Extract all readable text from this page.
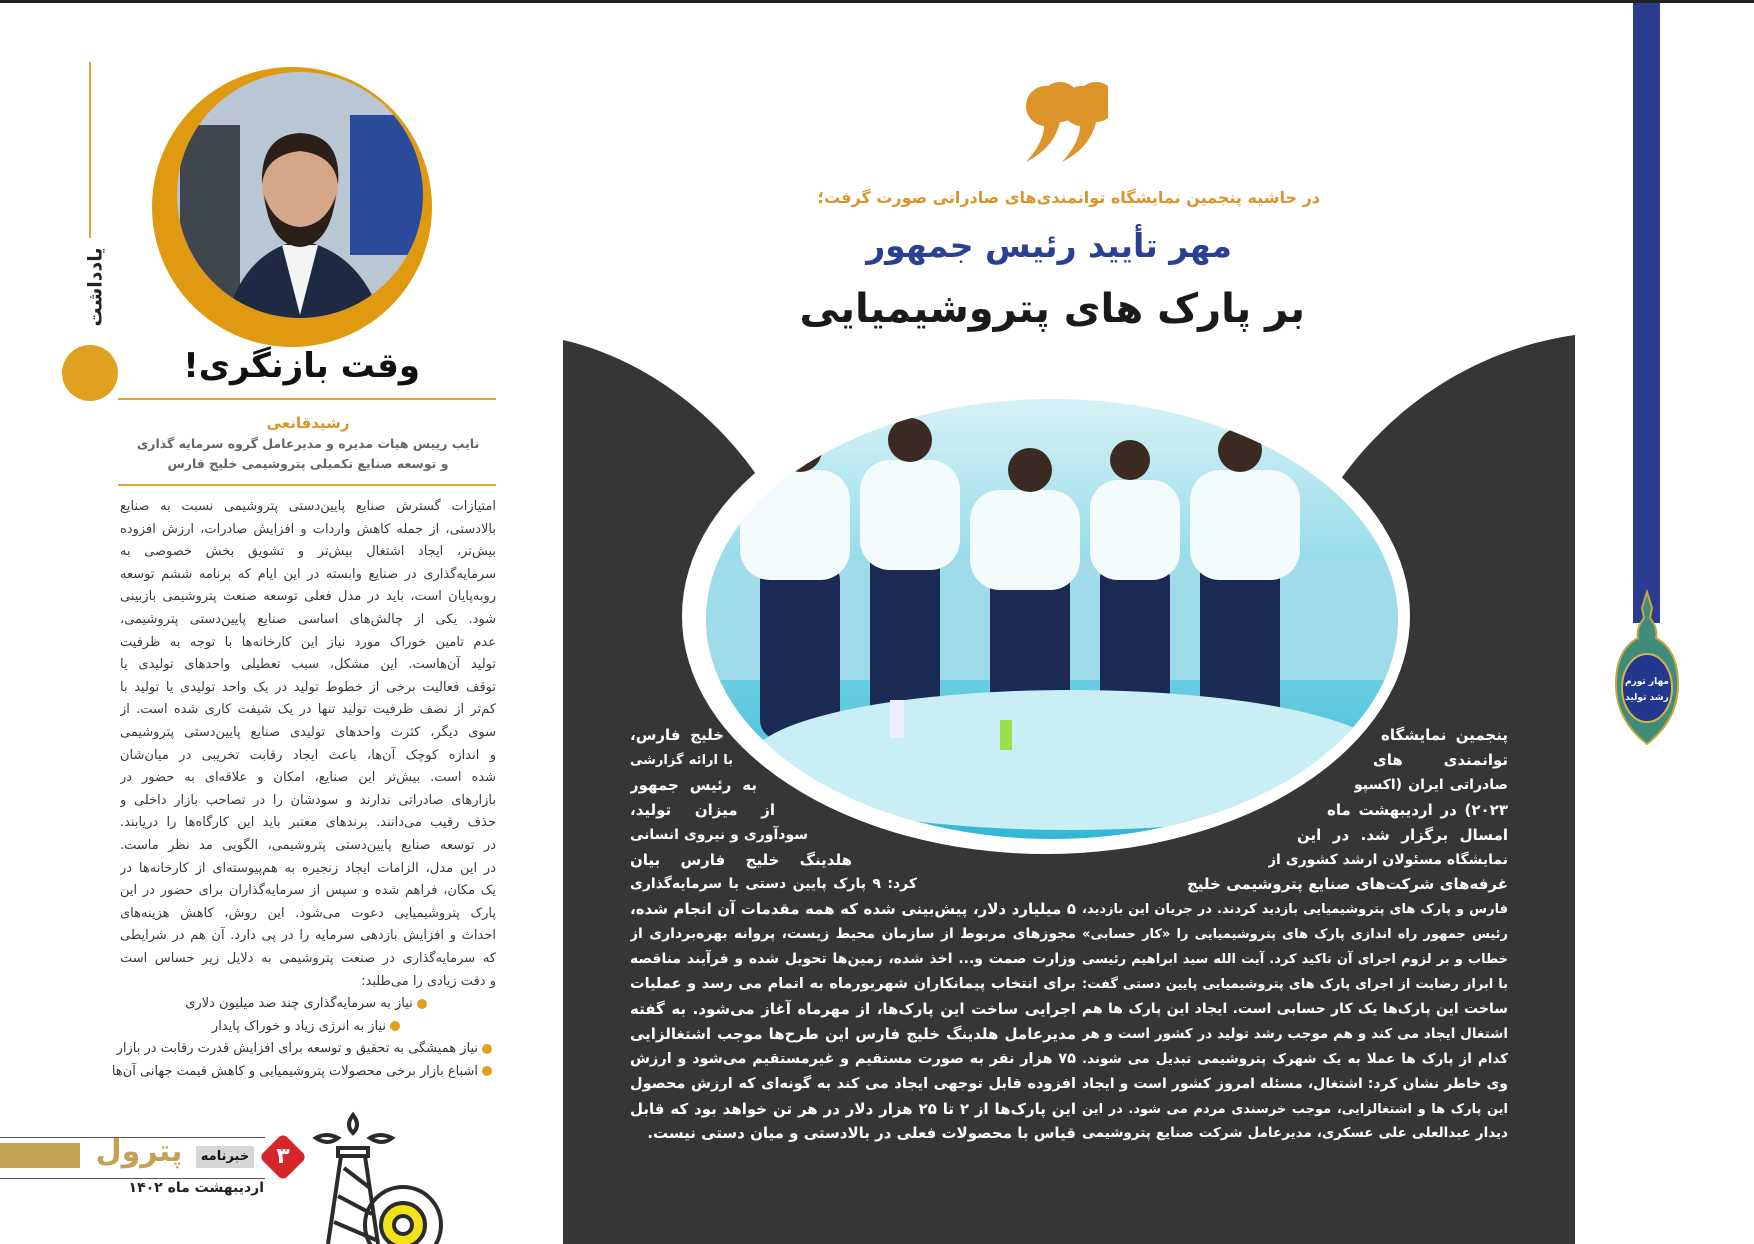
مهار تورم
رشد تولید
در حاشیه پنجمین نمایشگاه توانمندی‌های صادراتی صورت گرفت؛
مهر تأیید رئیس جمهور
بر پارک های پتروشیمیایی
پنجمین نمایشگاه
توانمندی های
صادراتی ایران (اکسپو
۲۰۲۳) در اردیبهشت ماه
امسال برگزار شد. در این
نمایشگاه مسئولان ارشد کشوری از
غرفه‌های شرکت‌های صنایع پتروشیمی خلیج
فارس و پارک های پتروشیمیایی بازدید کردند. در جریان این بازدید،
رئیس جمهور راه اندازی پارک های پتروشیمیایی را «کار حسابی»
خطاب و بر لزوم اجرای آن تاکید کرد. آیت الله سید ابراهیم رئیسی
با ابراز رضایت از اجرای پارک های پتروشیمیایی پایین دستی گفت:
ساخت این پارک‌ها یک کار حسابی است. ایجاد این پارک ها هم
اشتغال ایجاد می کند و هم موجب رشد تولید در کشور است و هر
کدام از پارک ها عملا به یک شهرک پتروشیمی تبدیل می شوند.
وی خاطر نشان کرد: اشتغال، مسئله امروز کشور است و ایجاد
این پارک ها و اشتغالزایی، موجب خرسندی مردم می شود. در این
دیدار عبدالعلی علی عسکری، مدیرعامل شرکت صنایع پتروشیمی
خلیج فارس،
با ارائه گزارشی
به رئیس جمهور
از میزان تولید،
سودآوری و نیروی انسانی
هلدینگ خلیج فارس بیان
کرد: ۹ پارک پایین دستی با سرمایه‌گذاری
۵ میلیارد دلار، پیش‌بینی شده که همه مقدمات آن انجام شده،
مجوزهای مربوط از سازمان محیط زیست، پروانه بهره‌برداری از
وزارت صمت و... اخذ شده، زمین‌ها تحویل شده و فرآیند مناقصه
برای انتخاب پیمانکاران شهریورماه به اتمام می رسد و عملیات
اجرایی ساخت این پارک‌ها، از مهرماه آغاز می‌شود. به گفته
مدیرعامل هلدینگ خلیج فارس این طرح‌ها موجب اشتغالزایی
۷۵ هزار نفر به صورت مستقیم و غیرمستقیم می‌شود و ارزش
افزوده قابل توجهی ایجاد می کند به گونه‌ای که ارزش محصول
این پارک‌ها از ۲ تا ۲۵ هزار دلار در هر تن خواهد بود که قابل
قیاس با محصولات فعلی در بالادستی و میان دستی نیست.
یادداشت
وقت بازنگری!
رشیدقانعی
نایب رییس هیات مدیره و مدیرعامل گروه سرمایه گذاری
و توسعه صنایع تکمیلی پتروشیمی خلیج فارس
امتیازات گسترش صنایع پایین‌دستی پتروشیمی نسبت به صنایع
بالادستی، از جمله کاهش واردات و افزایش صادرات، ارزش افزوده
بیش‌تر، ایجاد اشتغال بیش‌تر و تشویق بخش خصوصی به
سرمایه‌گذاری در صنایع وابسته در این ایام که برنامه ششم توسعه
روبه‌پایان است، باید در مدل فعلی توسعه صنعت پتروشیمی بازبینی
شود. یکی از چالش‌های اساسی صنایع پایین‌دستی پتروشیمی،
عدم تامین خوراک مورد نیاز این کارخانه‌ها با توجه به ظرفیت
تولید آن‌هاست. این مشکل، سبب تعطیلی واحدهای تولیدی یا
توقف فعالیت برخی از خطوط تولید در یک واحد تولیدی یا تولید با
کم‌تر از نصف ظرفیت تولید تنها در یک شیفت کاری شده است. از
سوی دیگر، کثرت واحدهای تولیدی صنایع پایین‌دستی پتروشیمی
و اندازه کوچک آن‌ها، باعث ایجاد رقابت تخریبی در میان‌شان
شده است. بیش‌تر این صنایع، امکان و علاقه‌ای به حضور در
بازارهای صادراتی ندارند و سودشان را در تصاحب بازار داخلی و
حذف رقیب می‌دانند. برندهای معتبر باید این کارگاه‌ها را دریابند.
در توسعه صنایع پایین‌دستی پتروشیمی، الگویی مد نظر ماست.
در این مدل، الزامات ایجاد زنجیره به هم‌پیوسته‌ای از کارخانه‌ها در
یک مکان، فراهم شده و سپس از سرمایه‌گذاران برای حضور در این
پارک پتروشیمیایی دعوت می‌شود. این روش، کاهش هزینه‌های
احداث و افزایش بازدهی سرمایه را در پی دارد. آن هم در شرایطی
که سرمایه‌گذاری در صنعت پتروشیمی به دلایل زیر حساس است
و دقت زیادی را می‌طلبد:
نیاز به سرمایه‌گذاری چند صد میلیون دلاری
نیاز به انرژی زیاد و خوراک پایدار
نیاز همیشگی به تحقیق و توسعه برای افزایش قدرت رقابت در بازار
اشباع بازار برخی محصولات پتروشیمیایی و کاهش قیمت جهانی آن‌ها
پترول	خبرنامه	۳
اردیبهشت ماه ۱۴۰۲
